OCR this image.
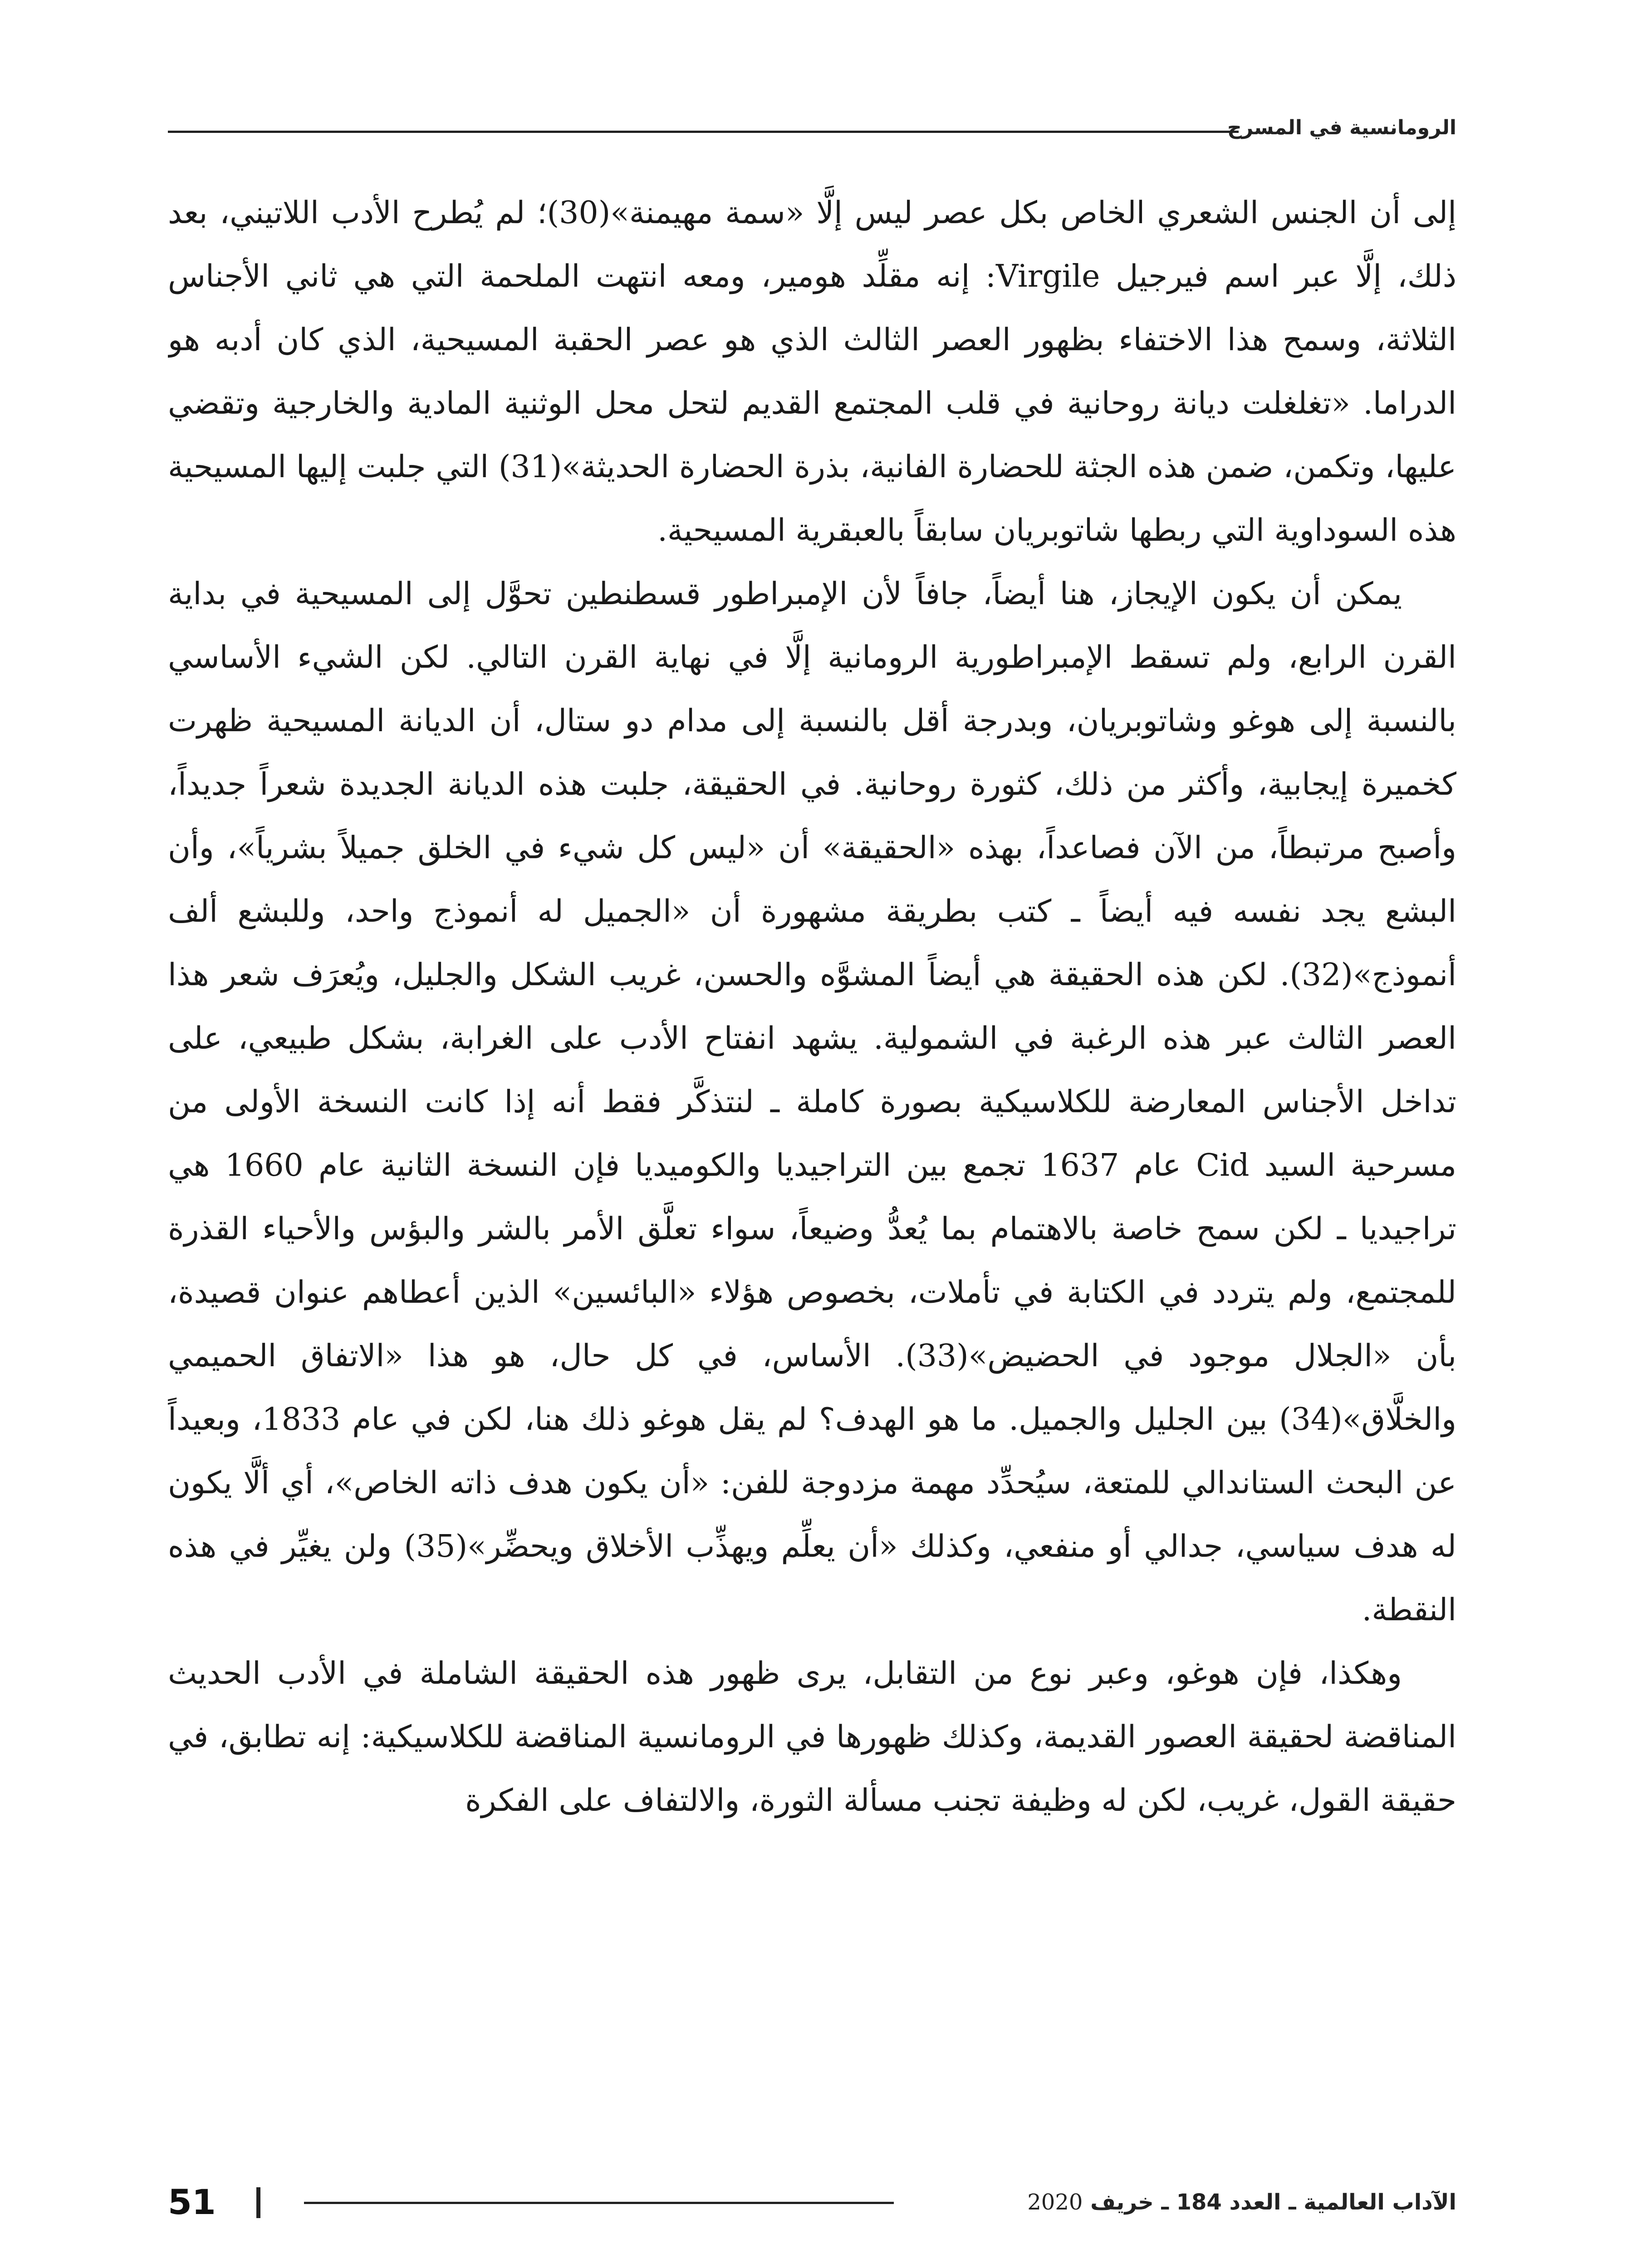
الرومانسية في المسرح

إلى أن الجنس الشعري الخاص بكل عصر ليس إلَّا «سمة مهيمنة»(30)؛ لم يُطرح الأدب اللاتيني، بعد ذلك، إلَّا عبر اسم فيرجيل Virgile: إنه مقلِّد هومير، ومعه انتهت الملحمة التي هي ثاني الأجناس الثلاثة، وسمح هذا الاختفاء بظهور العصر الثالث الذي هو عصر الحقبة المسيحية، الذي كان أدبه هو الدراما. «تغلغلت ديانة روحانية في قلب المجتمع القديم لتحل محل الوثنية المادية والخارجية وتقضي عليها، وتكمن، ضمن هذه الجثة للحضارة الفانية، بذرة الحضارة الحديثة»(31) التي جلبت إليها المسيحية هذه السوداوية التي ربطها شاتوبريان سابقاً بالعبقرية المسيحية.

يمكن أن يكون الإيجاز، هنا أيضاً، جافاً لأن الإمبراطور قسطنطين تحوَّل إلى المسيحية في بداية القرن الرابع، ولم تسقط الإمبراطورية الرومانية إلَّا في نهاية القرن التالي. لكن الشيء الأساسي بالنسبة إلى هوغو وشاتوبريان، وبدرجة أقل بالنسبة إلى مدام دو ستال، أن الديانة المسيحية ظهرت كخميرة إيجابية، وأكثر من ذلك، كثورة روحانية. في الحقيقة، جلبت هذه الديانة الجديدة شعراً جديداً، وأصبح مرتبطاً، من الآن فصاعداً، بهذه «الحقيقة» أن «ليس كل شيء في الخلق جميلاً بشرياً»، وأن البشع يجد نفسه فيه أيضاً ـ كتب بطريقة مشهورة أن «الجميل له أنموذج واحد، وللبشع ألف أنموذج»(32). لكن هذه الحقيقة هي أيضاً المشوَّه والحسن، غريب الشكل والجليل، ويُعرَف شعر هذا العصر الثالث عبر هذه الرغبة في الشمولية. يشهد انفتاح الأدب على الغرابة، بشكل طبيعي، على تداخل الأجناس المعارضة للكلاسيكية بصورة كاملة ـ لنتذكَّر فقط أنه إذا كانت النسخة الأولى من مسرحية السيد Cid عام 1637 تجمع بين التراجيديا والكوميديا فإن النسخة الثانية عام 1660 هي تراجيديا ـ لكن سمح خاصة بالاهتمام بما يُعدُّ وضيعاً، سواء تعلَّق الأمر بالشر والبؤس والأحياء القذرة للمجتمع، ولم يتردد في الكتابة في تأملات، بخصوص هؤلاء «البائسين» الذين أعطاهم عنوان قصيدة، بأن «الجلال موجود في الحضيض»(33). الأساس، في كل حال، هو هذا «الاتفاق الحميمي والخلَّاق»(34) بين الجليل والجميل. ما هو الهدف؟ لم يقل هوغو ذلك هنا، لكن في عام 1833، وبعيداً عن البحث الستاندالي للمتعة، سيُحدِّد مهمة مزدوجة للفن: «أن يكون هدف ذاته الخاص»، أي ألَّا يكون له هدف سياسي، جدالي أو منفعي، وكذلك «أن يعلِّم ويهذِّب الأخلاق ويحضِّر»(35) ولن يغيِّر في هذه النقطة.

وهكذا، فإن هوغو، وعبر نوع من التقابل، يرى ظهور هذه الحقيقة الشاملة في الأدب الحديث المناقضة لحقيقة العصور القديمة، وكذلك ظهورها في الرومانسية المناقضة للكلاسيكية: إنه تطابق، في حقيقة القول، غريب، لكن له وظيفة تجنب مسألة الثورة، والالتفاف على الفكرة

الآداب العالمية ـ العدد 184 ـ خريف 2020
51
